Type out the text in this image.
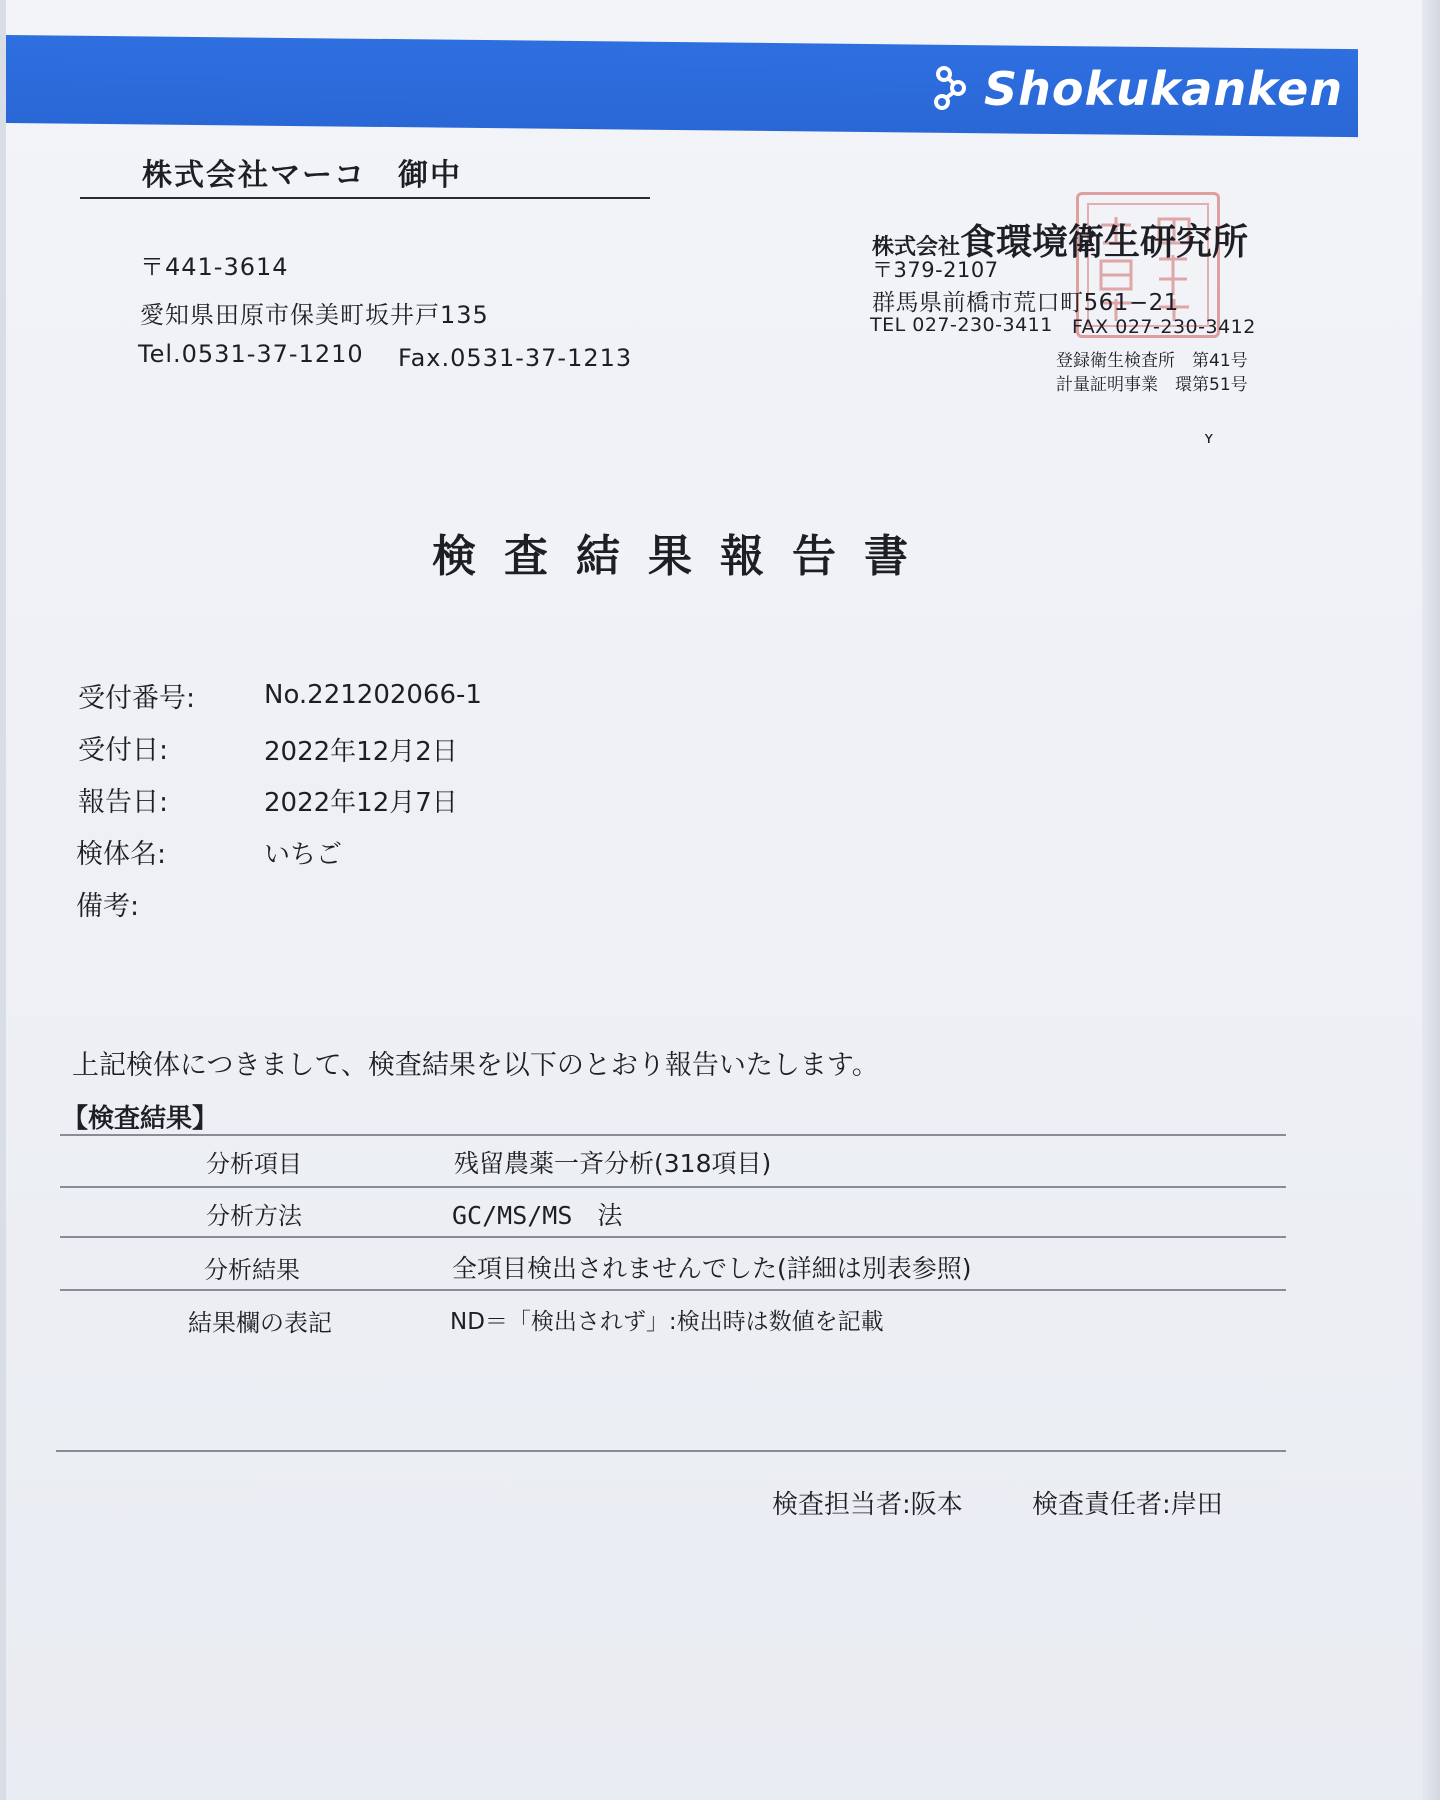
Shokukanken
株式会社マーコ　御中
〒441-3614
愛知県田原市保美町坂井戸135
Tel.0531-37-1210 Fax.0531-37-1213
株式会社食環境衛生研究所
〒379-2107
群馬県前橋市荒口町561−21
TEL 027-230-3411 FAX 027-230-3412
登録衛生検査所　第41号
計量証明事業　環第51号
ʏ
検査結果報告書
受付番号:	No.221202066-1
受付日:	2022年12月2日
報告日:	2022年12月7日
検体名:	いちご
備考:
上記検体につきまして、検査結果を以下のとおり報告いたします。
【検査結果】
分析項目	残留農薬一斉分析(318項目)
分析方法	GC/MS/MS　法
分析結果	全項目検出されませんでした(詳細は別表参照)
結果欄の表記	ND＝「検出されず」:検出時は数値を記載
検査担当者:阪本	検査責任者:岸田
